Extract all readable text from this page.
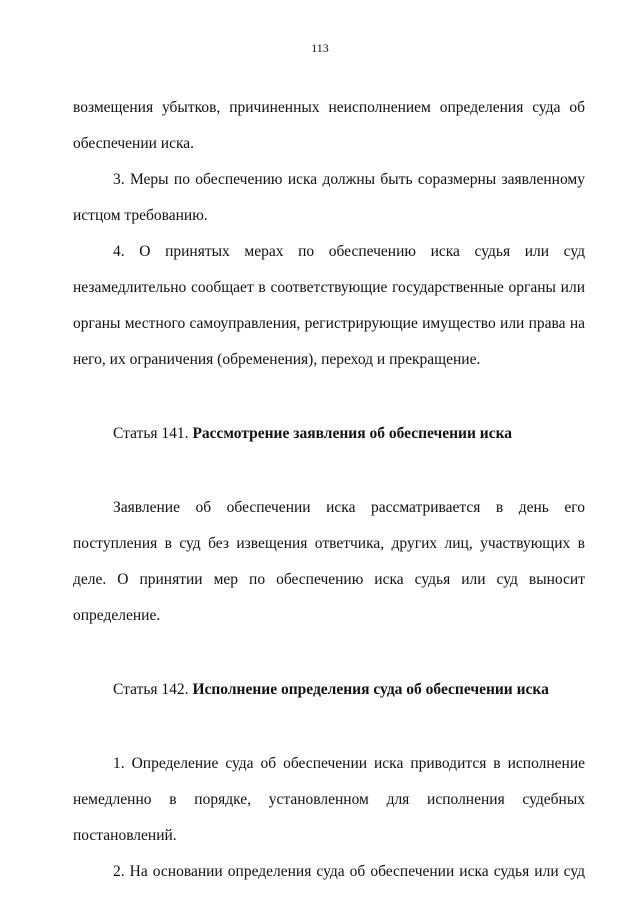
113

возмещения убытков, причиненных неисполнением определения суда об обеспечении иска.

3. Меры по обеспечению иска должны быть соразмерны заявленному истцом требованию.

4. О принятых мерах по обеспечению иска судья или суд

незамедлительно сообщает в соответствующие государственные органы или органы местного самоуправления, регистрирующие имущество или права на него, их ограничения (обременения), переход и прекращение.

Статья 141. Рассмотрение заявления об обеспечении иска

Заявление об обеспечении иска рассматривается в день его поступления в суд без извещения ответчика, других лиц, участвующих в деле. О принятии мер по обеспечению иска судья или суд выносит определение.

Статья 142. Исполнение определения суда об обеспечении иска

1. Определение суда об обеспечении иска приводится в исполнение

немедленно в порядке, установленном для исполнения судебных

постановлений.

2. На основании определения суда об обеспечении иска судья или суд
